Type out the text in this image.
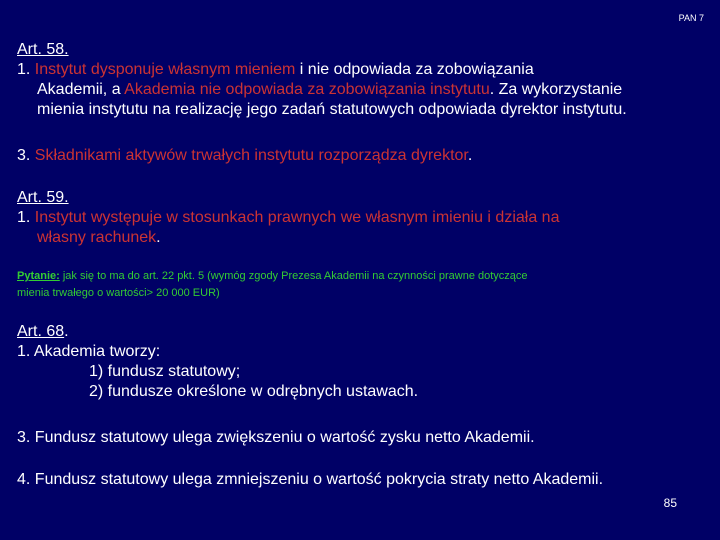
PAN 7
Art. 58.
1. Instytut dysponuje własnym mieniem i nie odpowiada za zobowiązania
Akademii, a Akademia nie odpowiada za zobowiązania instytutu. Za wykorzystanie
mienia instytutu na realizację jego zadań statutowych odpowiada dyrektor instytutu.
3. Składnikami aktywów trwałych instytutu rozporządza dyrektor.
Art. 59.
1. Instytut występuje w stosunkach prawnych we własnym imieniu i działa na
własny rachunek.
Pytanie: jak się to ma do art. 22 pkt. 5 (wymóg zgody Prezesa Akademii na czynności prawne dotyczące
mienia trwałego o wartości> 20 000 EUR)
Art. 68.
1. Akademia tworzy:
1) fundusz statutowy;
2) fundusze określone w odrębnych ustawach.
3. Fundusz statutowy ulega zwiększeniu o wartość zysku netto Akademii.
4. Fundusz statutowy ulega zmniejszeniu o wartość pokrycia straty netto Akademii.
85
